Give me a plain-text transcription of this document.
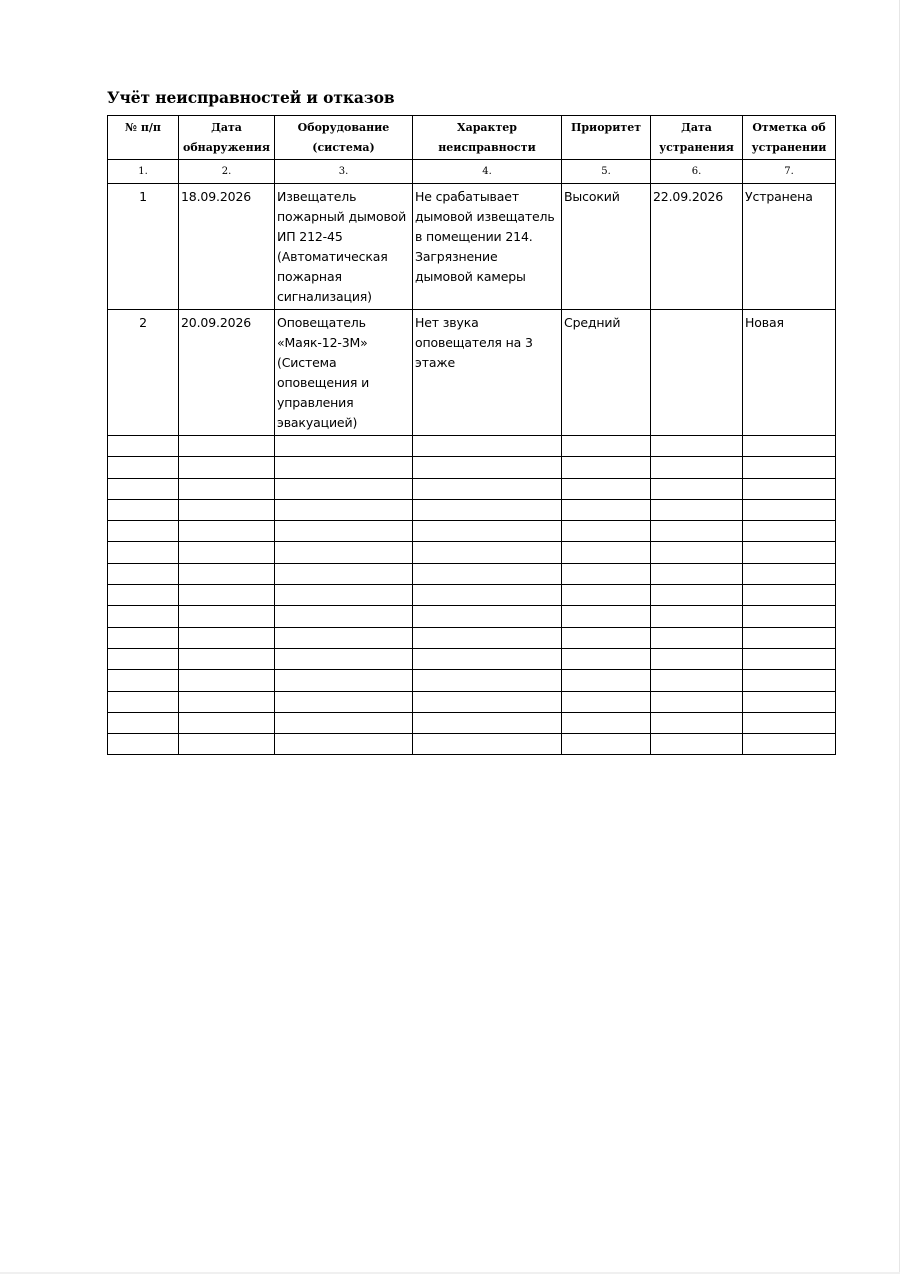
Учёт неисправностей и отказов
№ п/п	Дата обнаружения	Оборудование (система)	Характер неисправности	Приоритет	Дата устранения	Отметка об устранении
1.	2.	3.	4.	5.	6.	7.
1	18.09.2026	Извещатель пожарный дымовой ИП 212-45 (Автоматическая пожарная сигнализация)	Не срабатывает дымовой извещатель в помещении 214. Загрязнение дымовой камеры	Высокий	22.09.2026	Устранена
2	20.09.2026	Оповещатель «Маяк-12-3М» (Система оповещения и управления эвакуацией)	Нет звука оповещателя на 3 этаже	Средний		Новая
